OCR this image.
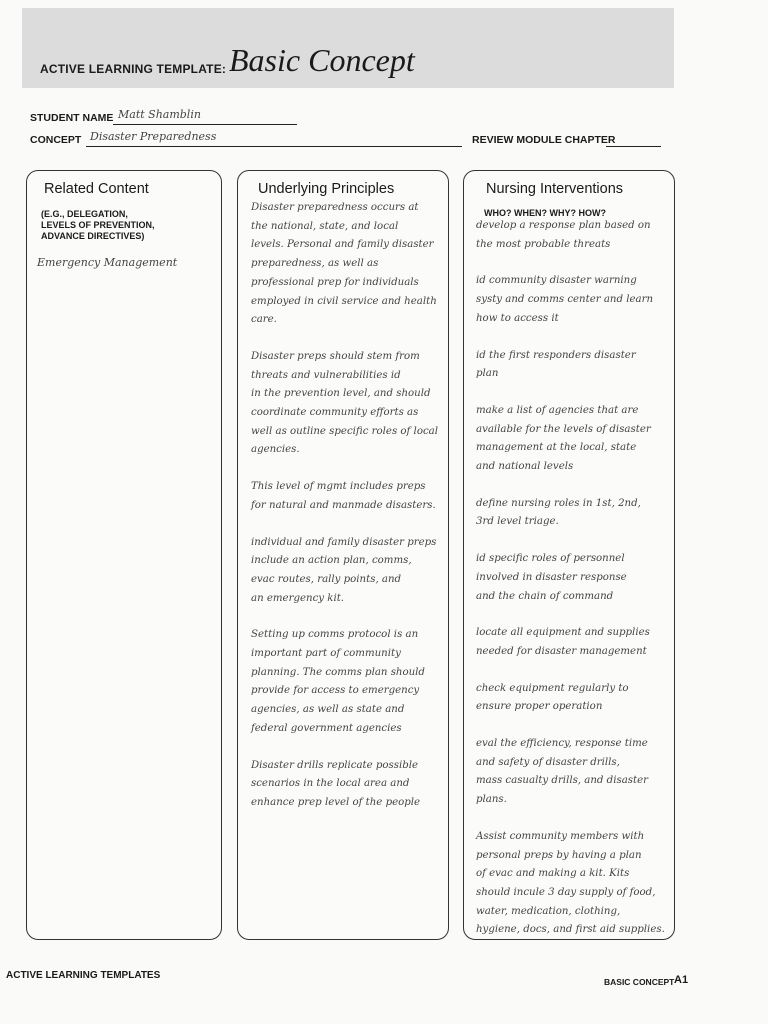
ACTIVE LEARNING TEMPLATE: Basic Concept
STUDENT NAME Matt Shamblin
CONCEPT Disaster Preparedness	REVIEW MODULE CHAPTER
Related Content
(E.G., DELEGATION,
LEVELS OF PREVENTION,
ADVANCE DIRECTIVES)
Emergency Management
Underlying Principles

Disaster preparedness occurs at
the national, state, and local
levels. Personal and family disaster
preparedness, as well as
professional prep for individuals
employed in civil service and health
care.

Disaster preps should stem from
threats and vulnerabilities id
in the prevention level, and should
coordinate community efforts as
well as outline specific roles of local
agencies.

This level of mgmt includes preps
for natural and manmade disasters.

individual and family disaster preps
include an action plan, comms,
evac routes, rally points, and
an emergency kit.

Setting up comms protocol is an
important part of community
planning. The comms plan should
provide for access to emergency
agencies, as well as state and
federal government agencies

Disaster drills replicate possible
scenarios in the local area and
enhance prep level of the people

Nursing Interventions
WHO? WHEN? WHY? HOW?

develop a response plan based on
the most probable threats

id community disaster warning
systy and comms center and learn
how to access it

id the first responders disaster
plan

make a list of agencies that are
available for the levels of disaster
management at the local, state
and national levels

define nursing roles in 1st, 2nd,
3rd level triage.

id specific roles of personnel
involved in disaster response
and the chain of command

locate all equipment and supplies
needed for disaster management

check equipment regularly to
ensure proper operation

eval the efficiency, response time
and safety of disaster drills,
mass casualty drills, and disaster
plans.

Assist community members with
personal preps by having a plan
of evac and making a kit. Kits
should incule 3 day supply of food,
water, medication, clothing,
hygiene, docs, and first aid supplies.

ACTIVE LEARNING TEMPLATES
BASIC CONCEPT A1
